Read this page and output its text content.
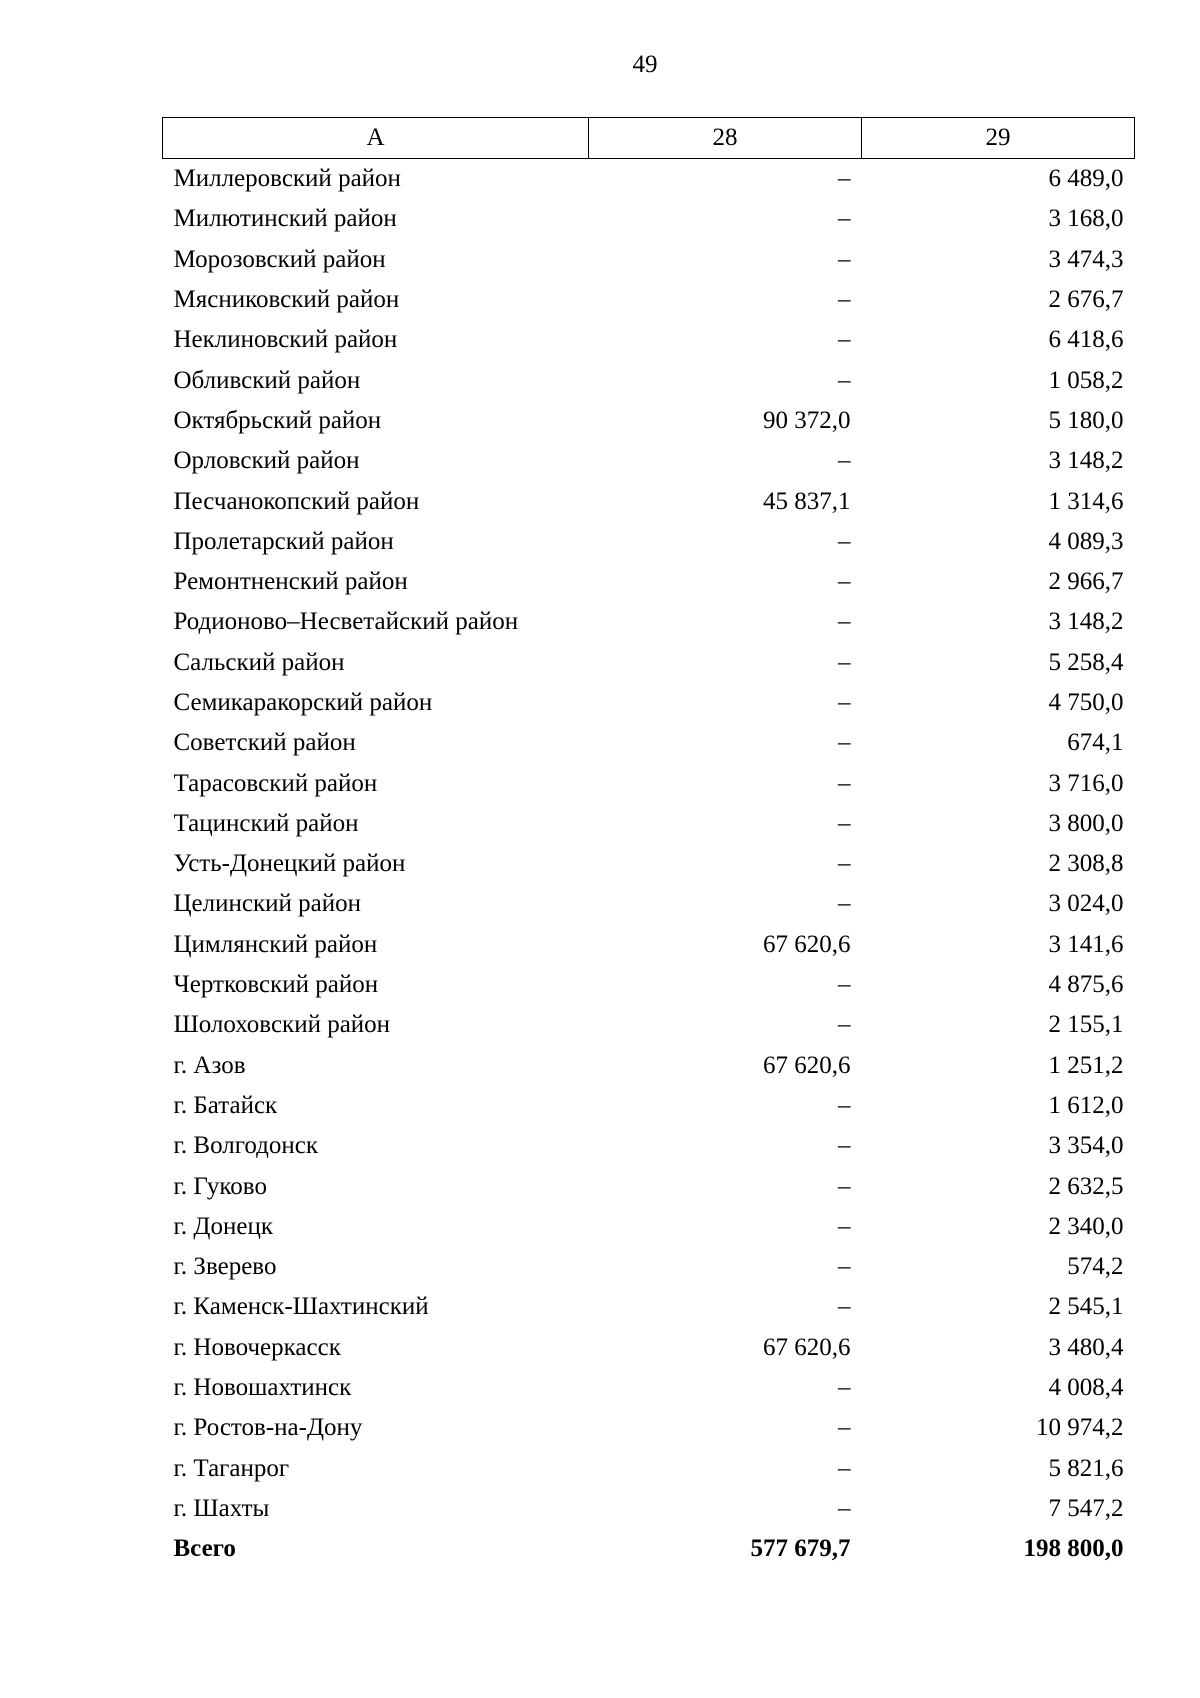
49
А	28	29
Миллеровский район	–	6 489,0
Милютинский район	–	3 168,0
Морозовский район	–	3 474,3
Мясниковский район	–	2 676,7
Неклиновский район	–	6 418,6
Обливский район	–	1 058,2
Октябрьский район	90 372,0	5 180,0
Орловский район	–	3 148,2
Песчанокопский район	45 837,1	1 314,6
Пролетарский район	–	4 089,3
Ремонтненский район	–	2 966,7
Родионово–Несветайский район	–	3 148,2
Сальский район	–	5 258,4
Семикаракорский район	–	4 750,0
Советский район	–	674,1
Тарасовский район	–	3 716,0
Тацинский район	–	3 800,0
Усть-Донецкий район	–	2 308,8
Целинский район	–	3 024,0
Цимлянский район	67 620,6	3 141,6
Чертковский район	–	4 875,6
Шолоховский район	–	2 155,1
г. Азов	67 620,6	1 251,2
г. Батайск	–	1 612,0
г. Волгодонск	–	3 354,0
г. Гуково	–	2 632,5
г. Донецк	–	2 340,0
г. Зверево	–	574,2
г. Каменск-Шахтинский	–	2 545,1
г. Новочеркасск	67 620,6	3 480,4
г. Новошахтинск	–	4 008,4
г. Ростов-на-Дону	–	10 974,2
г. Таганрог	–	5 821,6
г. Шахты	–	7 547,2
Всего	577 679,7	198 800,0
